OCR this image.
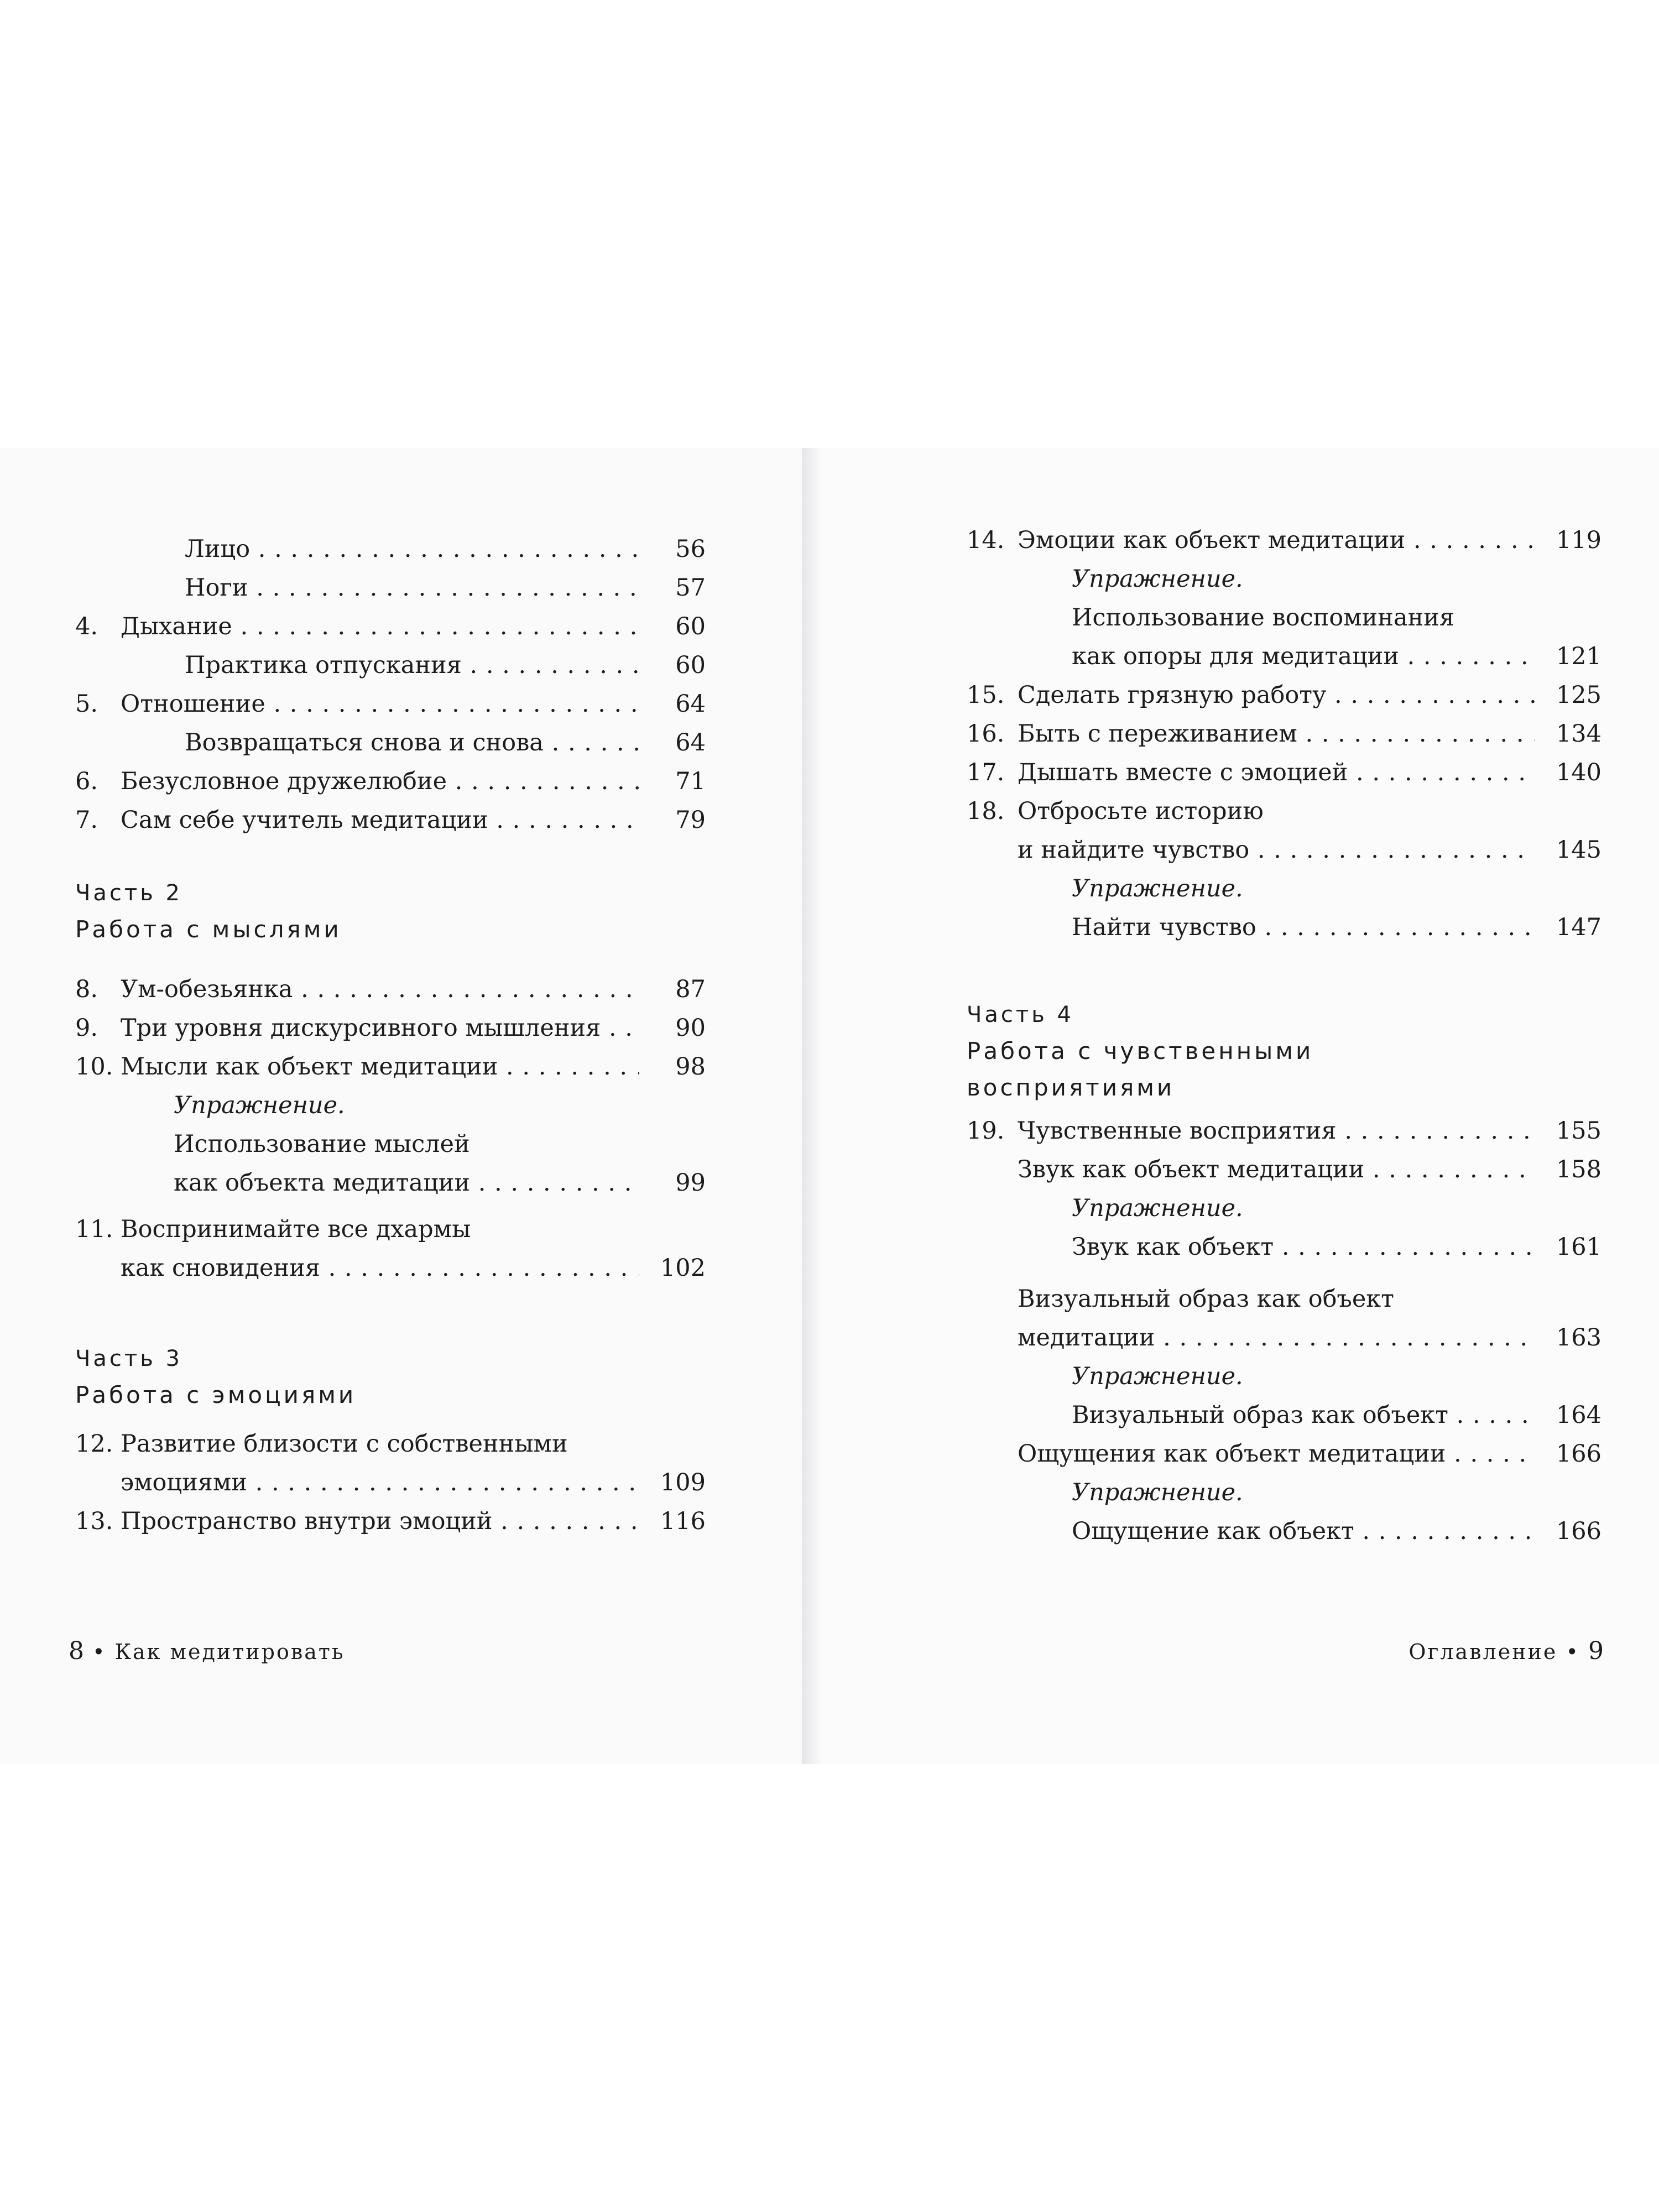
Лицо . . .	56
Ноги . . .	57
4. Дыхание . . .	60
Практика отпускания . . .	60
5. Отношение . . .	64
Возвращаться снова и снова . . .	64
6. Безусловное дружелюбие . . .	71
7. Сам себе учитель медитации . . .	79
Часть 2
Работа с мыслями
8. Ум-обезьянка . . .	87
9. Три уровня дискурсивного мышления . . .	90
10. Мысли как объект медитации . . .	98
Упражнение.
Использование мыслей
как объекта медитации . . .	99
11. Воспринимайте все дхармы
как сновидения . . .	102
Часть 3
Работа с эмоциями
12. Развитие близости с собственными
эмоциями . . .	109
13. Пространство внутри эмоций . . .	116
8 • Как медитировать
14. Эмоции как объект медитации . . .	119
Упражнение.
Использование воспоминания
как опоры для медитации . . .	121
15. Сделать грязную работу . . .	125
16. Быть с переживанием . . .	134
17. Дышать вместе с эмоцией . . .	140
18. Отбросьте историю
и найдите чувство . . .	145
Упражнение.
Найти чувство . . .	147
Часть 4
Работа с чувственными
восприятиями
19. Чувственные восприятия . . .	155
Звук как объект медитации . . .	158
Упражнение.
Звук как объект . . .	161
Визуальный образ как объект
медитации . . .	163
Упражнение.
Визуальный образ как объект . . .	164
Ощущения как объект медитации . . .	166
Упражнение.
Ощущение как объект . . .	166
Оглавление • 9
